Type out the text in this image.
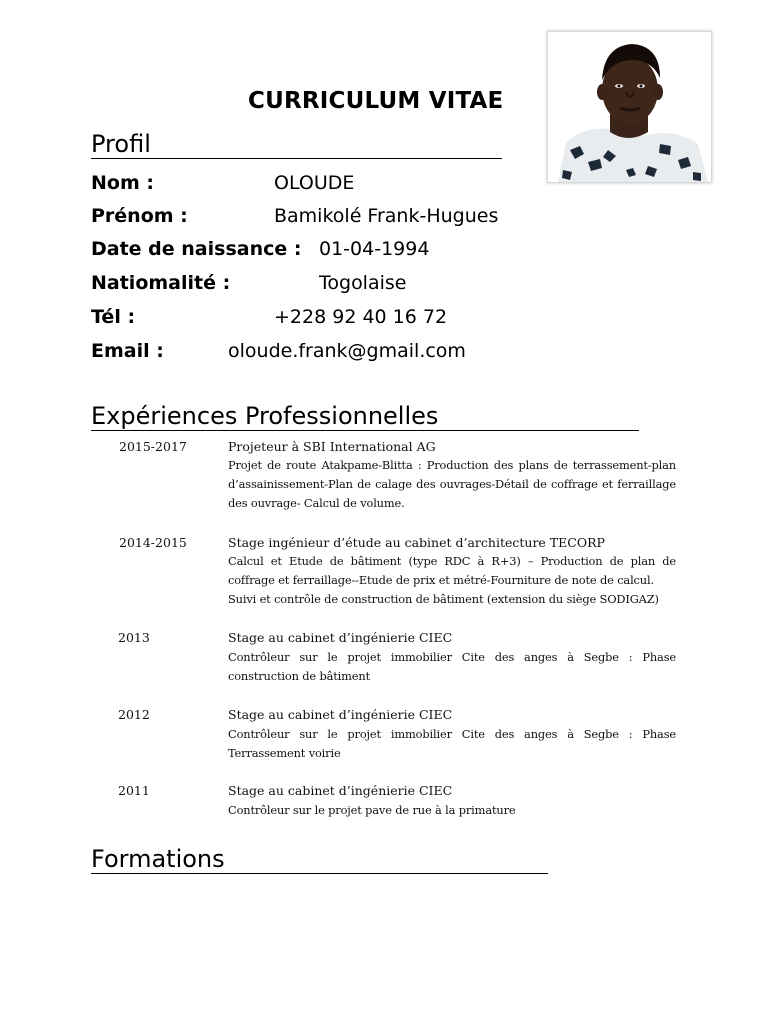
CURRICULUM VITAE
Profil
Nom :	OLOUDE
Prénom :	Bamikolé Frank-Hugues
Date de naissance : 01-04-1994
Natiomalité :	Togolaise
Tél :	+228 92 40 16 72
Email :	oloude.frank@gmail.com
Expériences Professionnelles
2015-2017	Projeteur à SBI International AG
Projet de route Atakpame-Blitta : Production des plans de terrassement-plan d’assainissement-Plan de calage des ouvrages-Détail de coffrage et ferraillage des ouvrage- Calcul de volume.
2014-2015	Stage ingénieur d’étude au cabinet d’architecture TECORP
Calcul et Etude de bâtiment (type RDC à R+3) – Production de plan de coffrage et ferraillage--Etude de prix et métré-Fourniture de note de calcul.
Suivi et contrôle de construction de bâtiment (extension du siège SODIGAZ)
2013	Stage au cabinet d’ingénierie CIEC
Contrôleur sur le projet immobilier Cite des anges à Segbe : Phase construction de bâtiment
2012	Stage au cabinet d’ingénierie CIEC
Contrôleur sur le projet immobilier Cite des anges à Segbe : Phase Terrassement voirie
2011	Stage au cabinet d’ingénierie CIEC
Contrôleur sur le projet pave de rue à la primature
Formations
